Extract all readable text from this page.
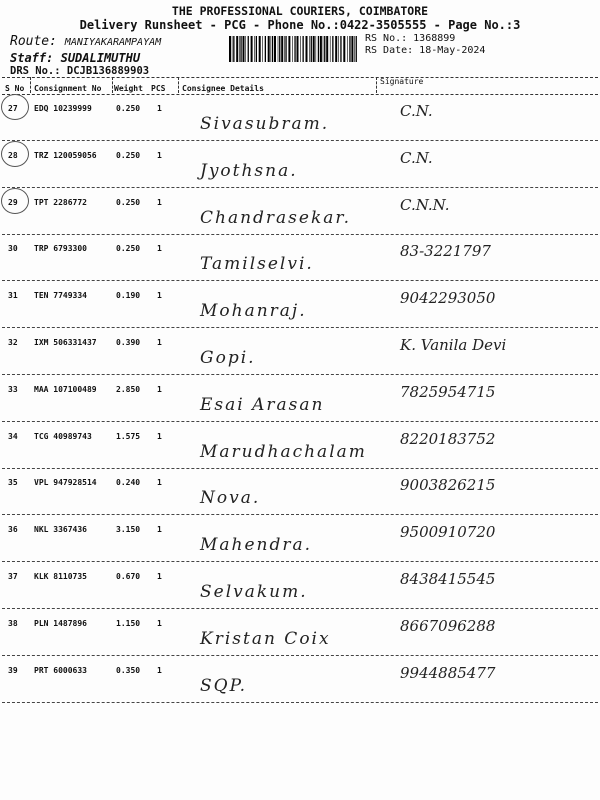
THE PROFESSIONAL COURIERS, COIMBATORE
Delivery Runsheet - PCG - Phone No.:0422-3505555 - Page No.:3
Route: MANIYAKARAMPAYAM
Staff: SUDALIMUTHU
DRS No.: DCJB136889903
RS No.: 1368899
RS Date: 18-May-2024
S No Consignment No Weight PCS Consignee Details
Signature
27 EDQ 10239999	0.250 1
Sivasubram.
C.N.
28 TRZ 120059056 0.250 1
Jyothsna.
C.N.
29 TPT 2286772	0.250 1
Chandrasekar.
C.N.N.
30 TRP 6793300	0.250 1
Tamilselvi.
83-3221797
31 TEN 7749334	0.190 1
Mohanraj.
9042293050
32 IXM 506331437 0.390 1
Gopi.
K. Vanila Devi
33 MAA 107100489 2.850 1
Esai Arasan
7825954715
34 TCG 40989743	1.575 1
Marudhachalam
8220183752
35 VPL 947928514 0.240 1
Nova.
9003826215
36 NKL 3367436	3.150 1
Mahendra.
9500910720
37 KLK 8110735	0.670 1
Selvakum.
8438415545
38 PLN 1487896	1.150 1
Kristan Coix
8667096288
39 PRT 6000633	0.350 1
SQP.
9944885477
